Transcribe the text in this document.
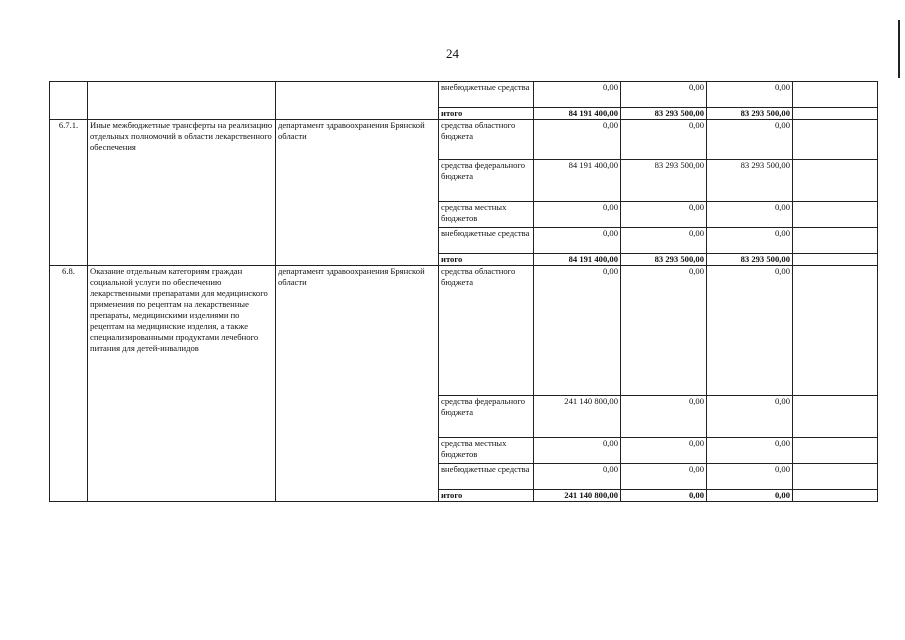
24
			внебюджетные средства	0,00	0,00	0,00	
			итого	84 191 400,00	83 293 500,00	83 293 500,00	
6.7.1.	Иные межбюджетные трансферты на реализацию отдельных полномочий в области лекарственного обеспечения	департамент здравоохранения Брянской области	средства областного бюджета	0,00	0,00	0,00	
			средства федерального бюджета	84 191 400,00	83 293 500,00	83 293 500,00	
			средства местных бюджетов	0,00	0,00	0,00	
			внебюджетные средства	0,00	0,00	0,00	
			итого	84 191 400,00	83 293 500,00	83 293 500,00	
6.8.	Оказание отдельным категориям граждан социальной услуги по обеспечению лекарственными препаратами для медицинского применения по рецептам на лекарственные препараты, медицинскими изделиями по рецептам на медицинские изделия, а также специализированными продуктами лечебного питания для детей-инвалидов	департамент здравоохранения Брянской области	средства областного бюджета	0,00	0,00	0,00	
			средства федерального бюджета	241 140 800,00	0,00	0,00	
			средства местных бюджетов	0,00	0,00	0,00	
			внебюджетные средства	0,00	0,00	0,00	
			итого	241 140 800,00	0,00	0,00	
